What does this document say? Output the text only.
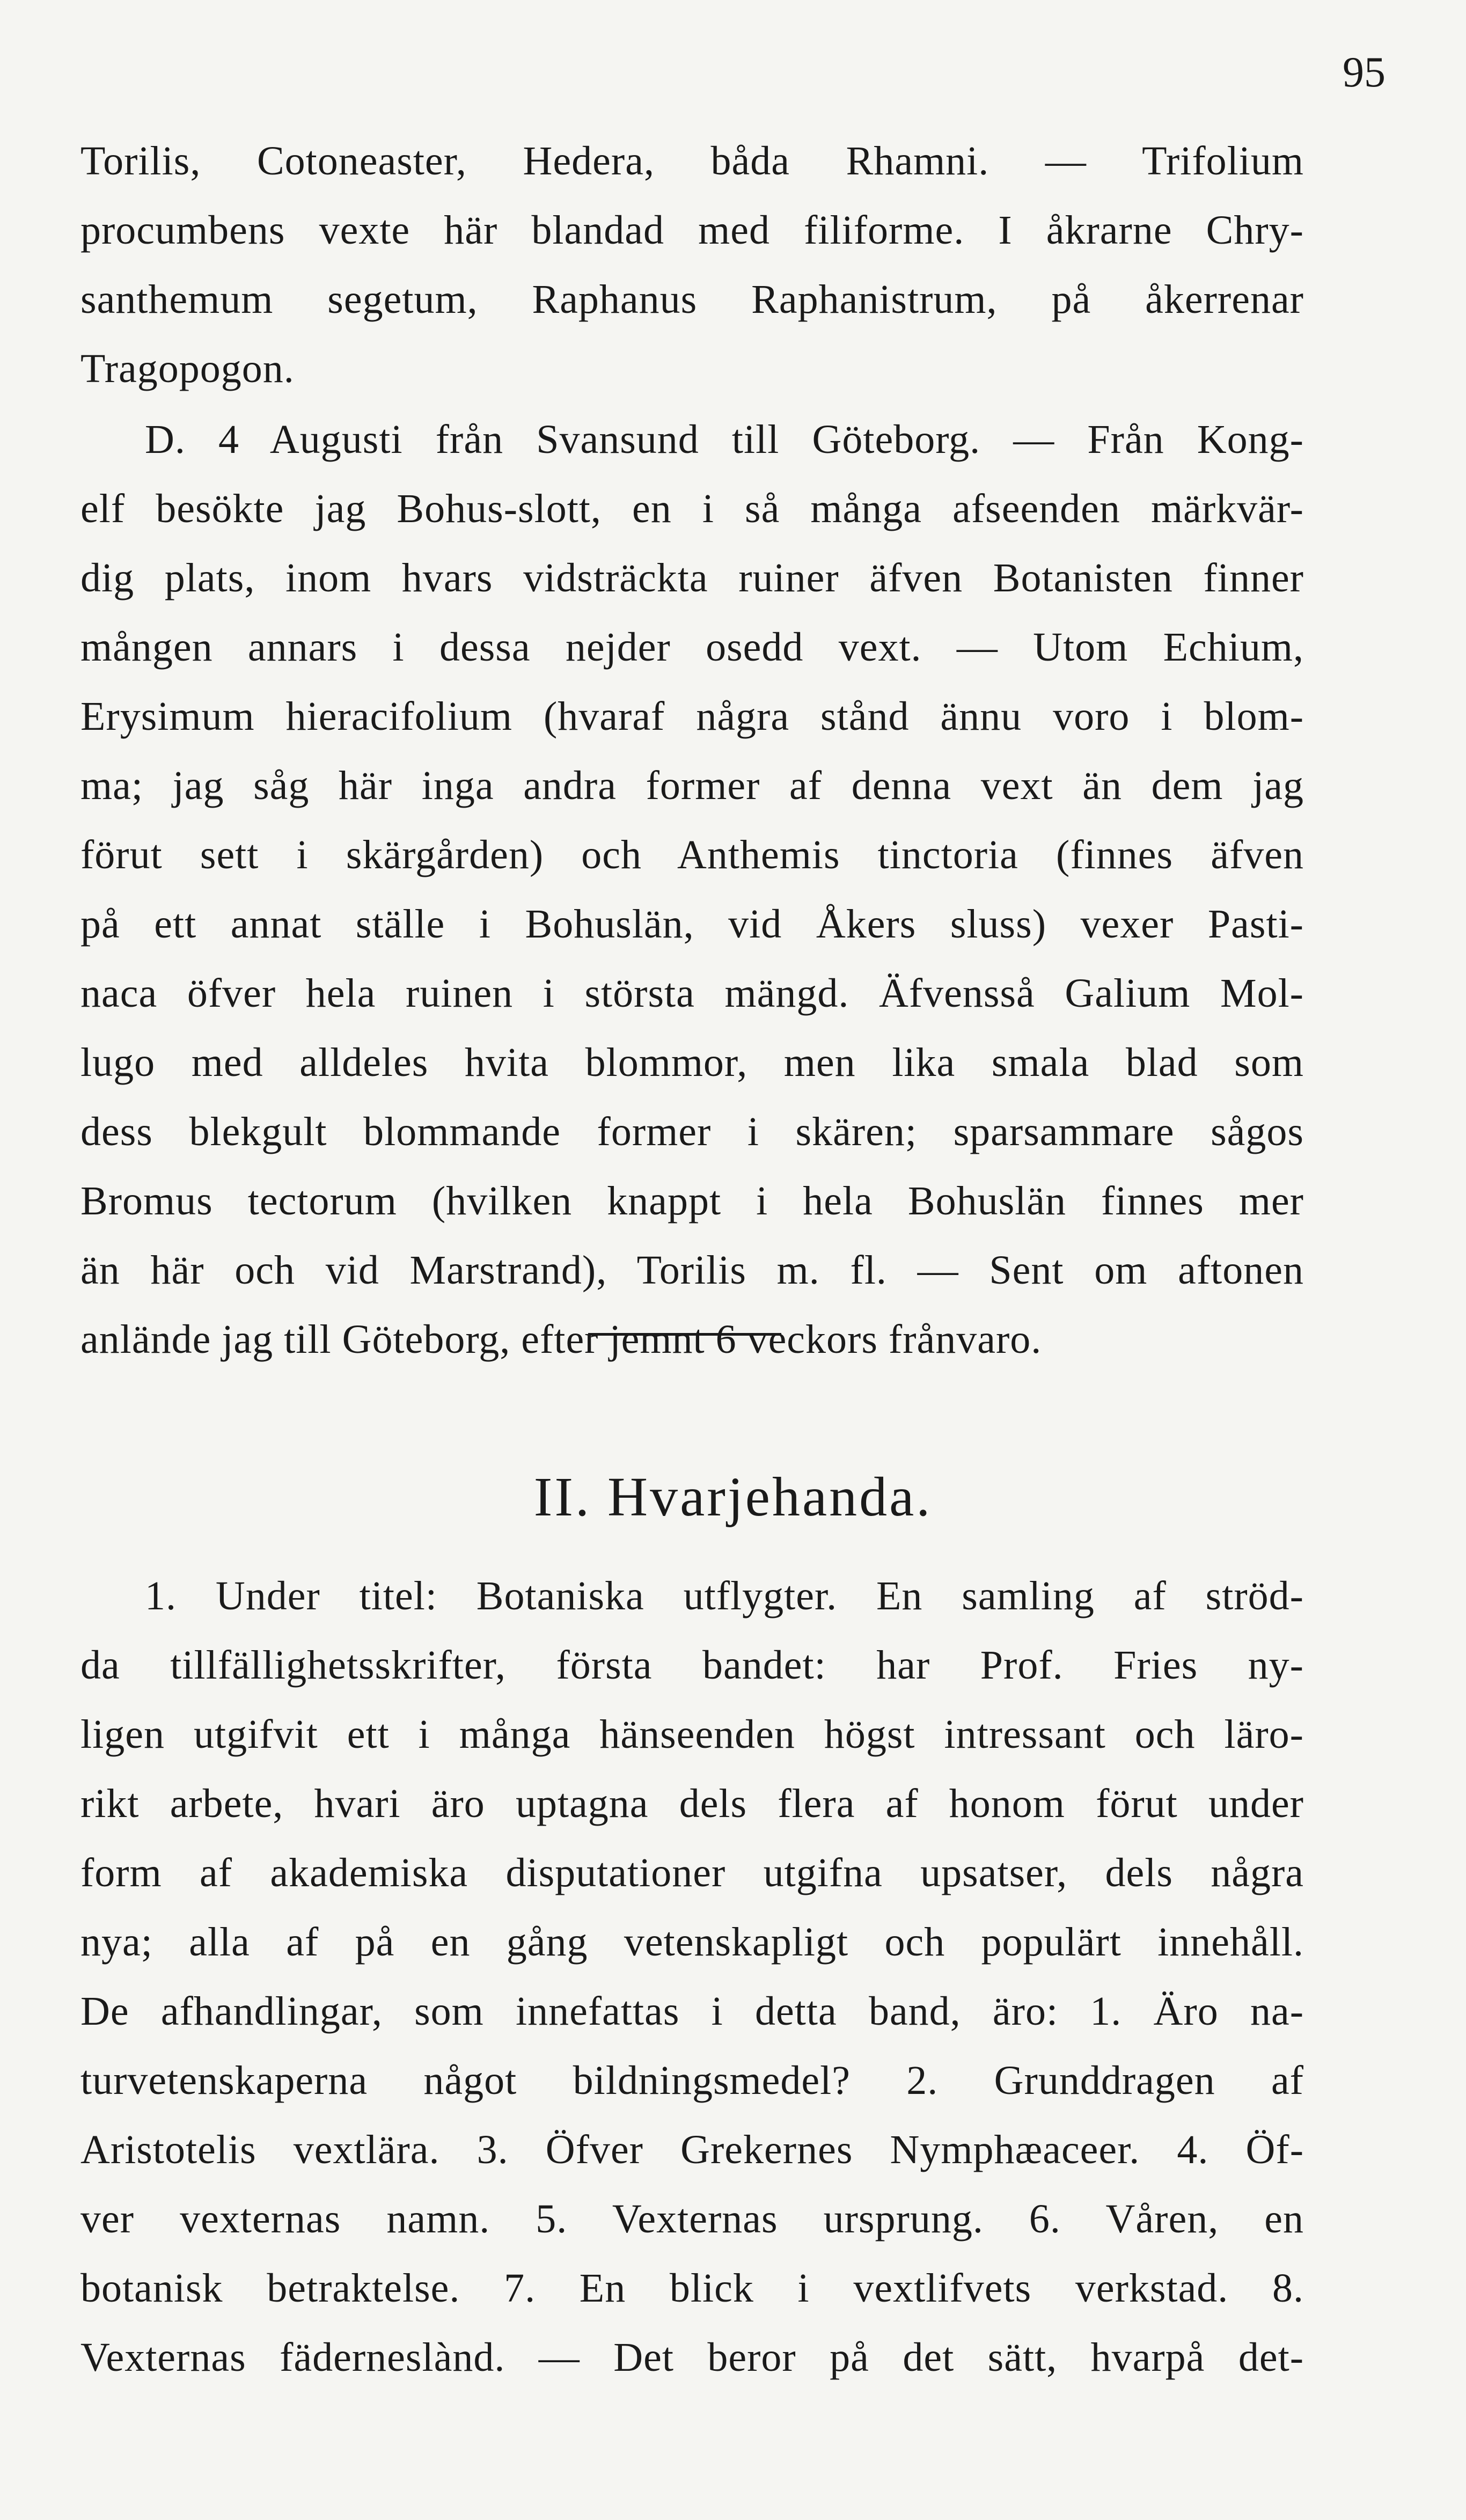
95
Torilis, Cotoneaster, Hedera, båda Rhamni. — Trifolium
procumbens vexte här blandad med filiforme. I åkrarne Chry-
santhemum segetum, Raphanus Raphanistrum, på åkerrenar
Tragopogon.
D. 4 Augusti från Svansund till Göteborg. — Från Kong-
elf besökte jag Bohus-slott, en i så många afseenden märkvär-
dig plats, inom hvars vidsträckta ruiner äfven Botanisten finner
mången annars i dessa nejder osedd vext. — Utom Echium,
Erysimum hieracifolium (hvaraf några stånd ännu voro i blom-
ma; jag såg här inga andra former af denna vext än dem jag
förut sett i skärgården) och Anthemis tinctoria (finnes äfven
på ett annat ställe i Bohuslän, vid Åkers sluss) vexer Pasti-
naca öfver hela ruinen i största mängd. Äfvensså Galium Mol-
lugo med alldeles hvita blommor, men lika smala blad som
dess blekgult blommande former i skären; sparsammare sågos
Bromus tectorum (hvilken knappt i hela Bohuslän finnes mer
än här och vid Marstrand), Torilis m. fl. — Sent om aftonen
anlände jag till Göteborg, efter jemnt 6 veckors frånvaro.
II. Hvarjehanda.
1. Under titel: Botaniska utflygter. En samling af ströd-
da tillfällighetsskrifter, första bandet: har Prof. Fries ny-
ligen utgifvit ett i många hänseenden högst intressant och läro-
rikt arbete, hvari äro uptagna dels flera af honom förut under
form af akademiska disputationer utgifna upsatser, dels några
nya; alla af på en gång vetenskapligt och populärt innehåll.
De afhandlingar, som innefattas i detta band, äro: 1. Äro na-
turvetenskaperna något bildningsmedel? 2. Grunddragen af
Aristotelis vextlära. 3. Öfver Grekernes Nymphæaceer. 4. Öf-
ver vexternas namn. 5. Vexternas ursprung. 6. Våren, en
botanisk betraktelse. 7. En blick i vextlifvets verkstad. 8.
Vexternas fäderneslànd. — Det beror på det sätt, hvarpå det-
